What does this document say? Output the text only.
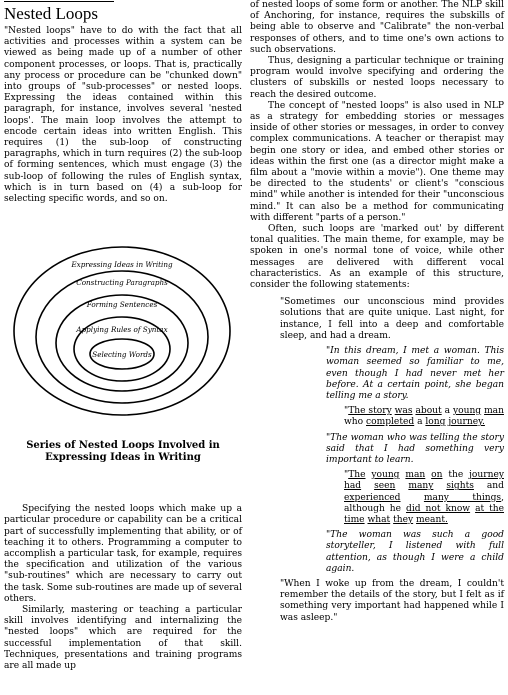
Nested Loops

"Nested loops" have to do with the fact that all activities and processes within a system can be viewed as being made up of a number of other component processes, or loops. That is, practically any process or procedure can be "chunked down" into groups of "sub-processes" or nested loops. Expressing the ideas contained within this paragraph, for instance, involves several 'nested loops'. The main loop involves the attempt to encode certain ideas into written English. This requires (1) the sub-loop of constructing paragraphs, which in turn requires (2) the sub-loop of forming sentences, which must engage (3) the sub-loop of following the rules of English syntax, which is in turn based on (4) a sub-loop for selecting specific words, and so on.

Expressing Ideas in Writing
Constructing Paragraphs
Forming Sentences
Applying Rules of Syntax
Selecting Words
Series of Nested Loops Involved in
Expressing Ideas in Writing

Specifying the nested loops which make up a particular procedure or capability can be a critical part of successfully implementing that ability, or of teaching it to others. Programming a computer to accomplish a particular task, for example, requires the specification and utilization of the various "sub-routines" which are necessary to carry out the task. Some sub-routines are made up of several others.

Similarly, mastering or teaching a particular skill involves identifying and internalizing the "nested loops" which are required for the successful implementation of that skill. Techniques, presentations and training programs are all made up

of nested loops of some form or another. The NLP skill of Anchoring, for instance, requires the subskills of being able to observe and "Calibrate" the non-verbal responses of others, and to time one's own actions to such observations.

Thus, designing a particular technique or training program would involve specifying and ordering the clusters of subskills or nested loops necessary to reach the desired outcome.

The concept of "nested loops" is also used in NLP as a strategy for embedding stories or messages inside of other stories or messages, in order to convey complex communications. A teacher or therapist may begin one story or idea, and embed other stories or ideas within the first one (as a director might make a film about a "movie within a movie"). One theme may be directed to the students' or client's "conscious mind" while another is intended for their "unconscious mind." It can also be a method for communicating with different "parts of a person."

Often, such loops are 'marked out' by different tonal qualities. The main theme, for example, may be spoken in one's normal tone of voice, while other messages are delivered with different vocal characteristics. As an example of this structure, consider the following statements:

"Sometimes our unconscious mind provides solutions that are quite unique. Last night, for instance, I fell into a deep and comfortable sleep, and had a dream.

"In this dream, I met a woman. This woman seemed so familiar to me, even though I had never met her before. At a certain point, she began telling me a story.

"The story was about a young man who completed a long journey.

"The woman who was telling the story said that I had something very important to learn.

"The young man on the journey had seen many sights and experienced	many things, although he did not know at the time what they meant.

"The woman was such a good storyteller, I listened with full attention, as though I were a child again.

"When I woke up from the dream, I couldn't remember the details of the story, but I felt as if something very important had happened while I was asleep."
